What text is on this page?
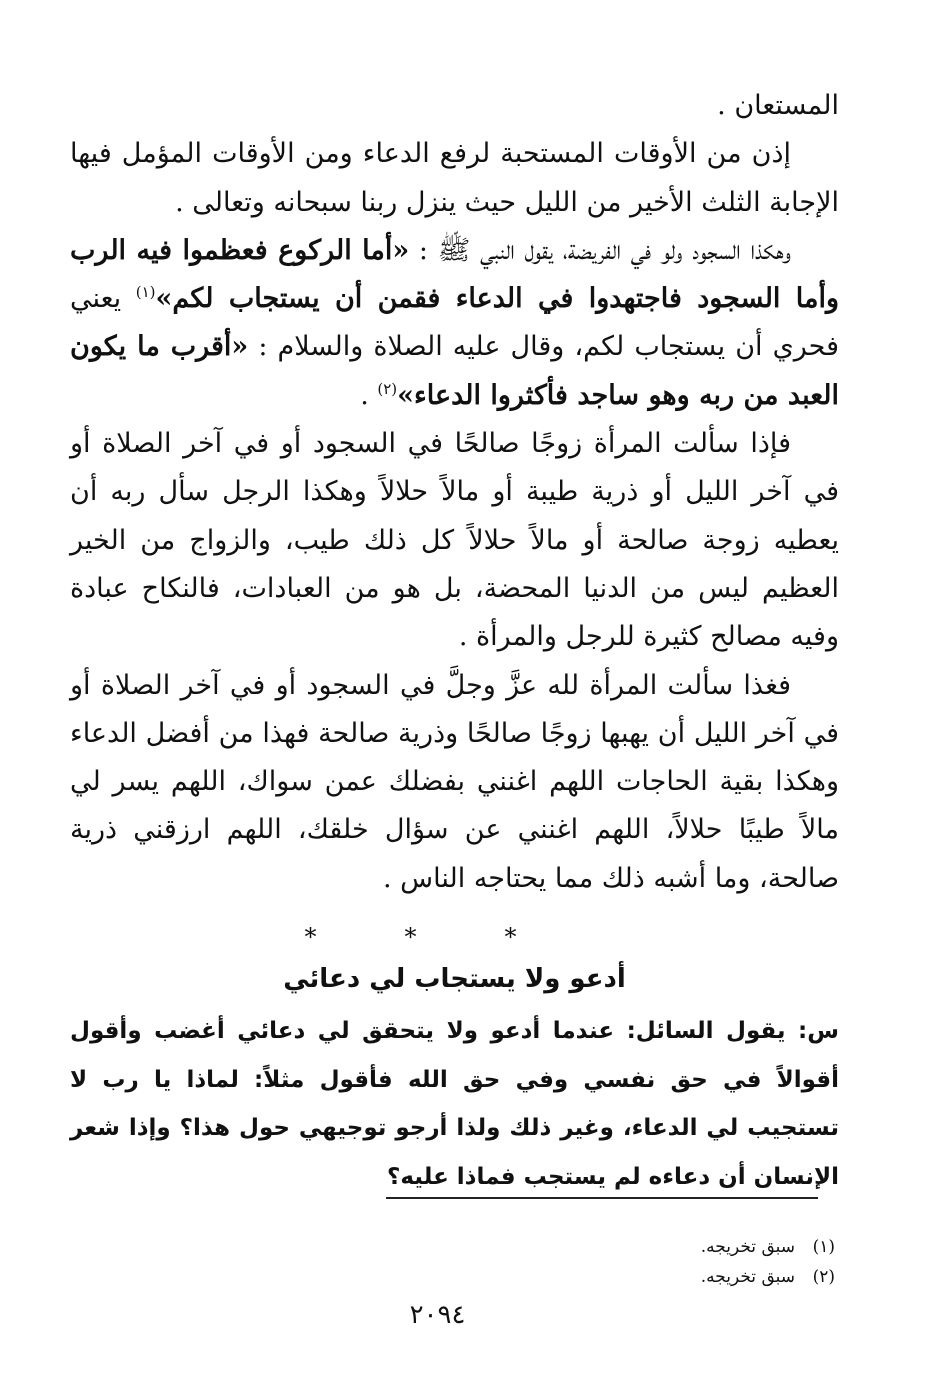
المستعان .

إذن من الأوقات المستحبة لرفع الدعاء ومن الأوقات المؤمل فيها الإجابة الثلث الأخير من الليل حيث ينزل ربنا سبحانه وتعالى .

وهكذا السجود ولو في الفريضة، يقول النبي ﷺ : «أما الركوع فعظموا فيه الرب وأما السجود فاجتهدوا في الدعاء فقمن أن يستجاب لكم»$^{(١)}$ يعني فحري أن يستجاب لكم، وقال عليه الصلاة والسلام : «أقرب ما يكون العبد من ربه وهو ساجد فأكثروا الدعاء»$^{(٢)}$ .

فإذا سألت المرأة زوجًا صالحًا في السجود أو في آخر الصلاة أو في آخر الليل أو ذرية طيبة أو مالاً حلالاً وهكذا الرجل سأل ربه أن يعطيه زوجة صالحة أو مالاً حلالاً كل ذلك طيب، والزواج من الخير العظيم ليس من الدنيا المحضة، بل هو من العبادات، فالنكاح عبادة وفيه مصالح كثيرة للرجل والمرأة .

فغذا سألت المرأة لله عزَّ وجلَّ في السجود أو في آخر الصلاة أو في آخر الليل أن يهبها زوجًا صالحًا وذرية صالحة فهذا من أفضل الدعاء وهكذا بقية الحاجات اللهم اغنني بفضلك عمن سواك، اللهم يسر لي مالاً طيبًا حلالاً، اللهم اغنني عن سؤال خلقك، اللهم ارزقني ذرية صالحة، وما أشبه ذلك مما يحتاجه الناس .

***
أدعو ولا يستجاب لي دعائي

س: يقول السائل: عندما أدعو ولا يتحقق لي دعائي أغضب وأقول أقوالاً في حق نفسي وفي حق الله فأقول مثلاً: لماذا يا رب لا تستجيب لي الدعاء، وغير ذلك ولذا أرجو توجيهي حول هذا؟ وإذا شعر الإنسان أن دعاءه لم يستجب فماذا عليه؟

(١)سبق تخريجه.
(٢)سبق تخريجه.
٢٠٩٤
